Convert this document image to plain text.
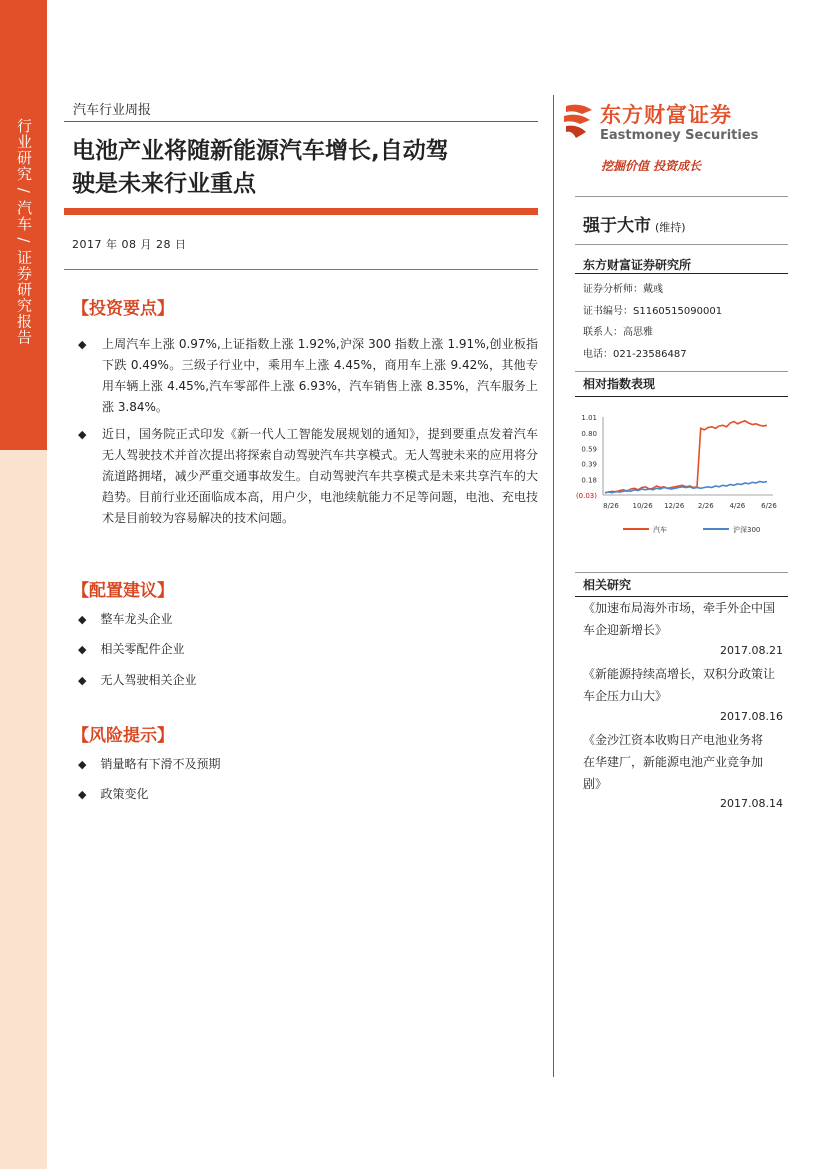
行业研究 / 汽车 / 证券研究报告
汽车行业周报
电池产业将随新能源汽车增长,自动驾
驶是未来行业重点
2017 年 08 月 28 日
【投资要点】
◆ 上周汽车上涨 0.97%,上证指数上涨 1.92%,沪深 300 指数上涨 1.91%,创业板指下跌 0.49%。三级子行业中，乘用车上涨 4.45%，商用车上涨 9.42%，其他专用车辆上涨 4.45%,汽车零部件上涨 6.93%，汽车销售上涨 8.35%，汽车服务上涨 3.84%。
◆ 近日，国务院正式印发《新一代人工智能发展规划的通知》，提到要重点发着汽车无人驾驶技术并首次提出将探索自动驾驶汽车共享模式。无人驾驶未来的应用将分流道路拥堵，减少严重交通事故发生。自动驾驶汽车共享模式是未来共享汽车的大趋势。目前行业还面临成本高，用户少，电池续航能力不足等问题，电池、充电技术是目前较为容易解决的技术问题。
【配置建议】
◆ 整车龙头企业
◆ 相关零配件企业
◆ 无人驾驶相关企业
【风险提示】
◆ 销量略有下滑不及预期
◆ 政策变化
东方财富证券
Eastmoney Securities
挖掘价值 投资成长
强于大市 (维持)
东方财富证券研究所
证券分析师：戴彧
证书编号：S1160515090001
联系人：高思雅
电话：021-23586487
相对指数表现
1.01
0.80
0.59
0.39
0.18
(0.03)
8/26 10/26 12/26 2/26 4/26 6/26
汽车	沪深300
相关研究
《加速布局海外市场，牵手外企中国
车企迎新增长》
2017.08.21
《新能源持续高增长，双积分政策让
车企压力山大》
2017.08.16
《金沙江资本收购日产电池业务将
在华建厂，新能源电池产业竞争加
剧》
2017.08.14
